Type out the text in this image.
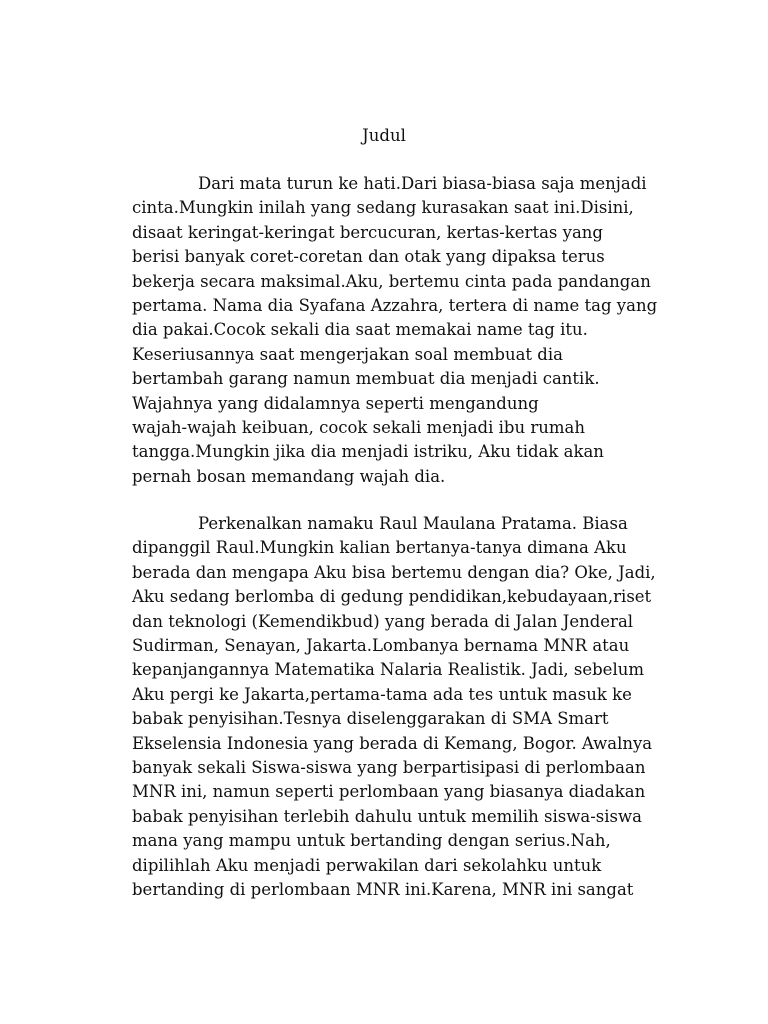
Judul
Dari mata turun ke hati.Dari biasa-biasa saja menjadi
cinta.Mungkin inilah yang sedang kurasakan saat ini.Disini,
disaat keringat-keringat bercucuran, kertas-kertas yang
berisi banyak coret-coretan dan otak yang dipaksa terus
bekerja secara maksimal.Aku, bertemu cinta pada pandangan
pertama. Nama dia Syafana Azzahra, tertera di name tag yang
dia pakai.Cocok sekali dia saat memakai name tag itu.
Keseriusannya saat mengerjakan soal membuat dia
bertambah garang namun membuat dia menjadi cantik.
Wajahnya yang didalamnya seperti mengandung
wajah-wajah keibuan, cocok sekali menjadi ibu rumah
tangga.Mungkin jika dia menjadi istriku, Aku tidak akan
pernah bosan memandang wajah dia.
Perkenalkan namaku Raul Maulana Pratama. Biasa
dipanggil Raul.Mungkin kalian bertanya-tanya dimana Aku
berada dan mengapa Aku bisa bertemu dengan dia? Oke, Jadi,
Aku sedang berlomba di gedung pendidikan,kebudayaan,riset
dan teknologi (Kemendikbud) yang berada di Jalan Jenderal
Sudirman, Senayan, Jakarta.Lombanya bernama MNR atau
kepanjangannya Matematika Nalaria Realistik. Jadi, sebelum
Aku pergi ke Jakarta,pertama-tama ada tes untuk masuk ke
babak penyisihan.Tesnya diselenggarakan di SMA Smart
Ekselensia Indonesia yang berada di Kemang, Bogor. Awalnya
banyak sekali Siswa-siswa yang berpartisipasi di perlombaan
MNR ini, namun seperti perlombaan yang biasanya diadakan
babak penyisihan terlebih dahulu untuk memilih siswa-siswa
mana yang mampu untuk bertanding dengan serius.Nah,
dipilihlah Aku menjadi perwakilan dari sekolahku untuk
bertanding di perlombaan MNR ini.Karena, MNR ini sangat
